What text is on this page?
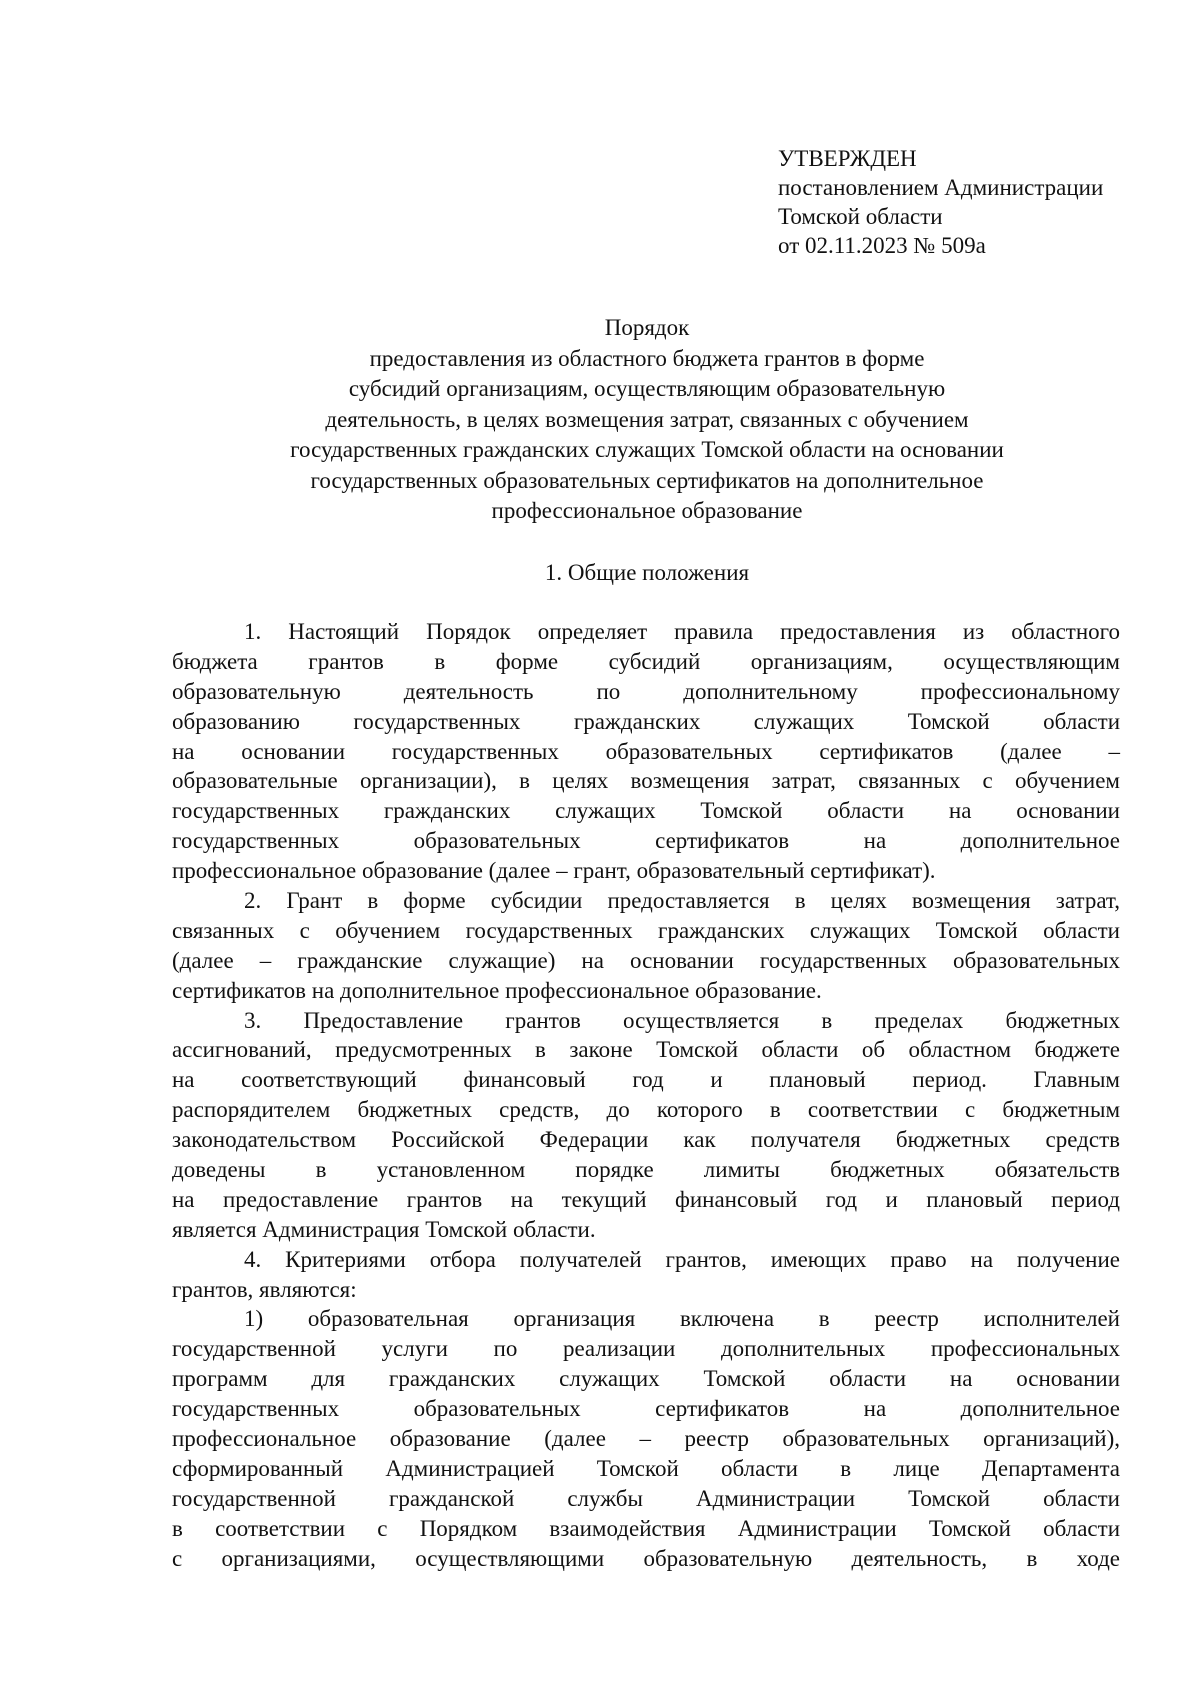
УТВЕРЖДЕН
постановлением Администрации
Томской области
от 02.11.2023 № 509а
Порядок
предоставления из областного бюджета грантов в форме
субсидий организациям, осуществляющим образовательную
деятельность, в целях возмещения затрат, связанных с обучением
государственных гражданских служащих Томской области на основании
государственных образовательных сертификатов на дополнительное
профессиональное образование
1. Общие положения
1. Настоящий Порядок определяет правила предоставления из областного
бюджета грантов в форме субсидий организациям, осуществляющим
образовательную деятельность по дополнительному профессиональному
образованию государственных гражданских служащих Томской области
на основании государственных образовательных сертификатов (далее –
образовательные организации), в целях возмещения затрат, связанных с обучением
государственных гражданских служащих Томской области на основании
государственных образовательных сертификатов на дополнительное
профессиональное образование (далее – грант, образовательный сертификат).
2. Грант в форме субсидии предоставляется в целях возмещения затрат,
связанных с обучением государственных гражданских служащих Томской области
(далее – гражданские служащие) на основании государственных образовательных
сертификатов на дополнительное профессиональное образование.
3. Предоставление грантов осуществляется в пределах бюджетных
ассигнований, предусмотренных в законе Томской области об областном бюджете
на соответствующий финансовый год и плановый период. Главным
распорядителем бюджетных средств, до которого в соответствии с бюджетным
законодательством Российской Федерации как получателя бюджетных средств
доведены в установленном порядке лимиты бюджетных обязательств
на предоставление грантов на текущий финансовый год и плановый период
является Администрация Томской области.
4. Критериями отбора получателей грантов, имеющих право на получение
грантов, являются:
1) образовательная организация включена в реестр исполнителей
государственной услуги по реализации дополнительных профессиональных
программ для гражданских служащих Томской области на основании
государственных образовательных сертификатов на дополнительное
профессиональное образование (далее – реестр образовательных организаций),
сформированный Администрацией Томской области в лице Департамента
государственной гражданской службы Администрации Томской области
в соответствии с Порядком взаимодействия Администрации Томской области
с организациями, осуществляющими образовательную деятельность, в ходе
